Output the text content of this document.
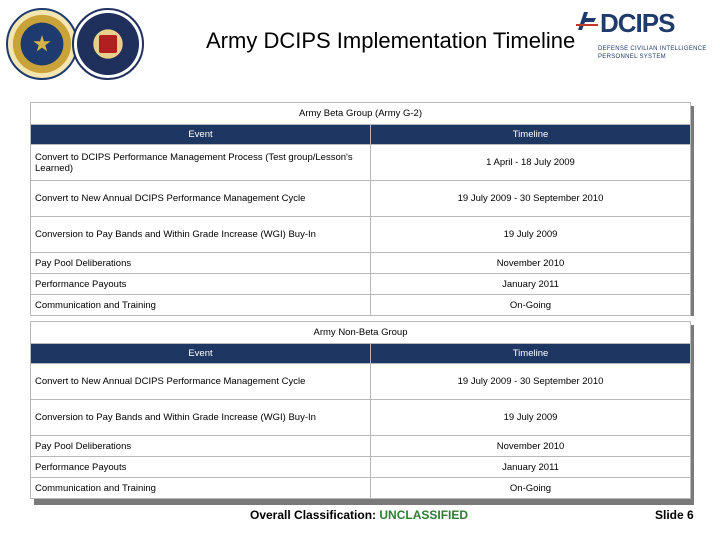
Army DCIPS Implementation Timeline
DCIPS
DEFENSE CIVILIAN INTELLIGENCE
PERSONNEL SYSTEM
Army Beta Group (Army G-2)	
Event	Timeline
Convert to DCIPS Performance Management Process (Test group/Lesson's Learned)	1 April - 18 July 2009
Convert to New Annual DCIPS Performance Management Cycle	19 July 2009 - 30 September 2010
Conversion to Pay Bands and Within Grade Increase (WGI) Buy-In	19 July 2009
Pay Pool Deliberations	November 2010
Performance Payouts	January 2011
Communication and Training	On-Going
Army Non-Beta Group	
Event	Timeline
Convert to New Annual DCIPS Performance Management Cycle	19 July 2009 - 30 September 2010
Conversion to Pay Bands and Within Grade Increase (WGI) Buy-In	19 July 2009
Pay Pool Deliberations	November 2010
Performance Payouts	January 2011
Communication and Training	On-Going
Overall Classification: UNCLASSIFIED	Slide 6
